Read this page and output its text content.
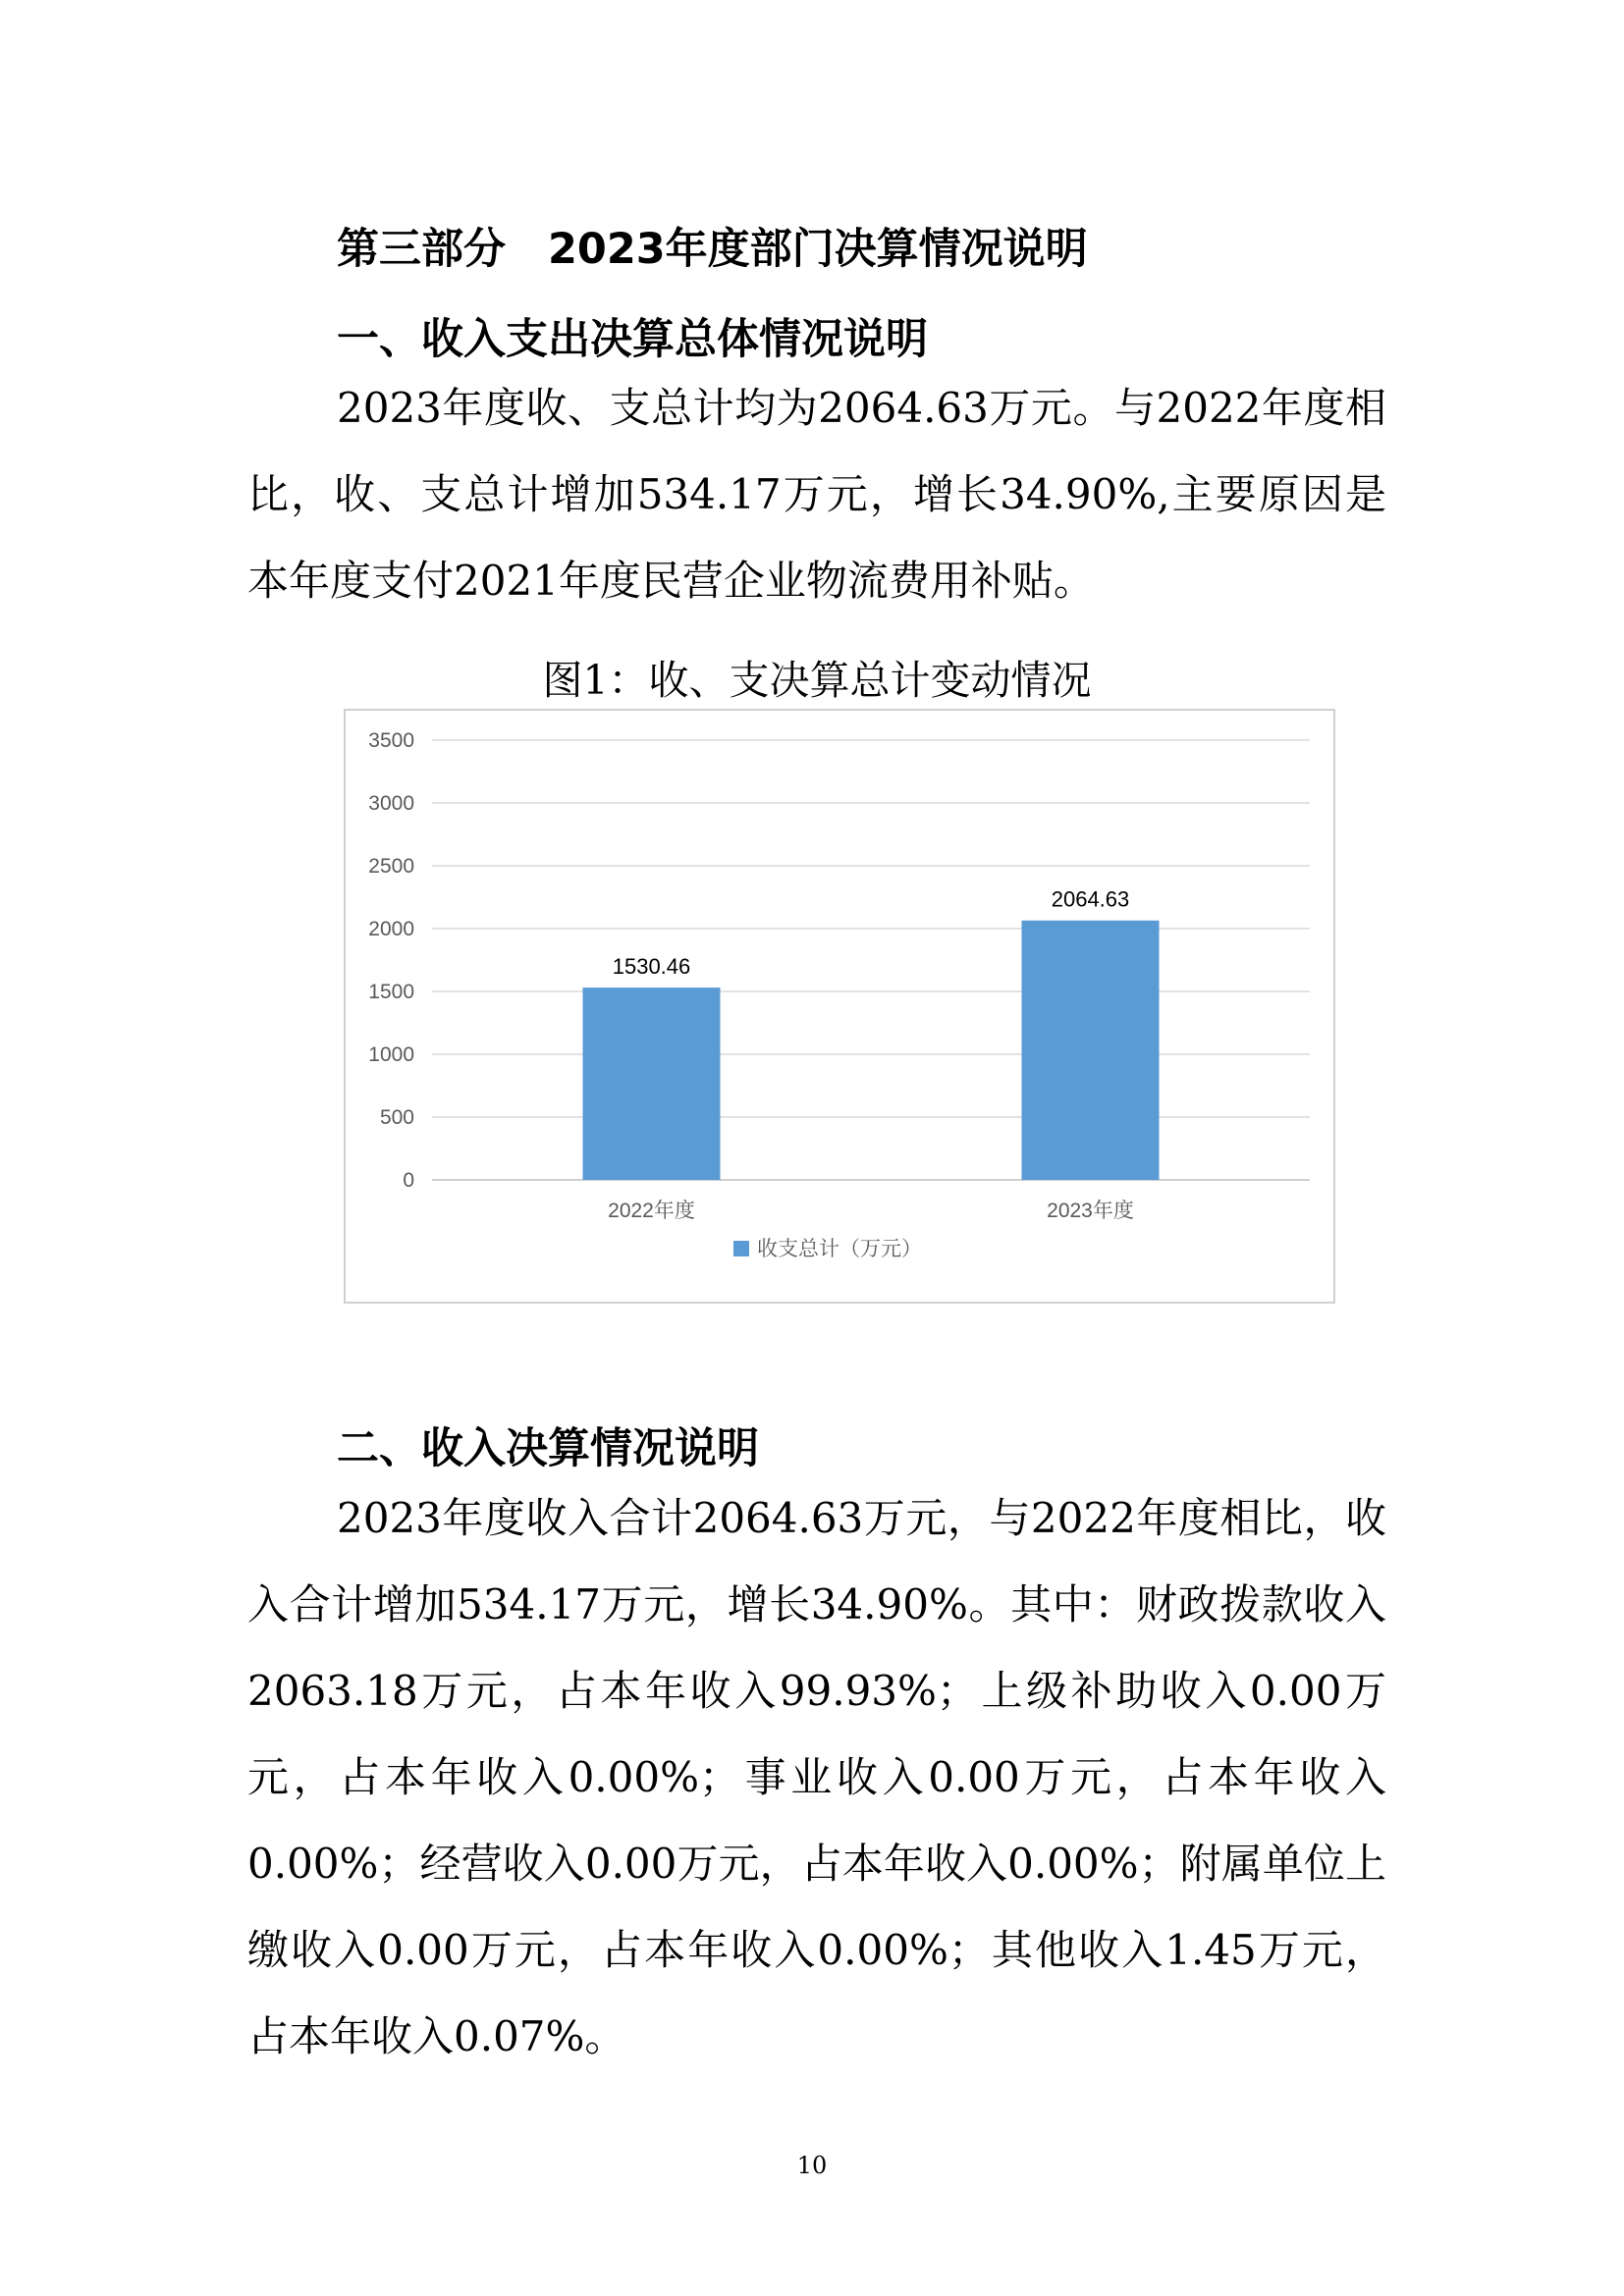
第三部分　2023年度部门决算情况说明
一、收入支出决算总体情况说明
2023年度收、支总计均为2064.63万元。与2022年度相比，收、支总计增加534.17万元，增长34.90%,主要原因是本年度支付2021年度民营企业物流费用补贴。
图1：收、支决算总计变动情况
0
500
1000
1500
2000
2500
3000
3500
1530.46
2022年度
2064.63
2023年度
收支总计（万元）
二、收入决算情况说明
2023年度收入合计2064.63万元，与2022年度相比，收入合计增加534.17万元，增长34.90%。其中：财政拨款收入2063.18万元，占本年收入99.93%；上级补助收入0.00万元，占本年收入0.00%；事业收入0.00万元，占本年收入0.00%；经营收入0.00万元，占本年收入0.00%；附属单位上缴收入0.00万元，占本年收入0.00%；其他收入1.45万元，占本年收入0.07%。
10
